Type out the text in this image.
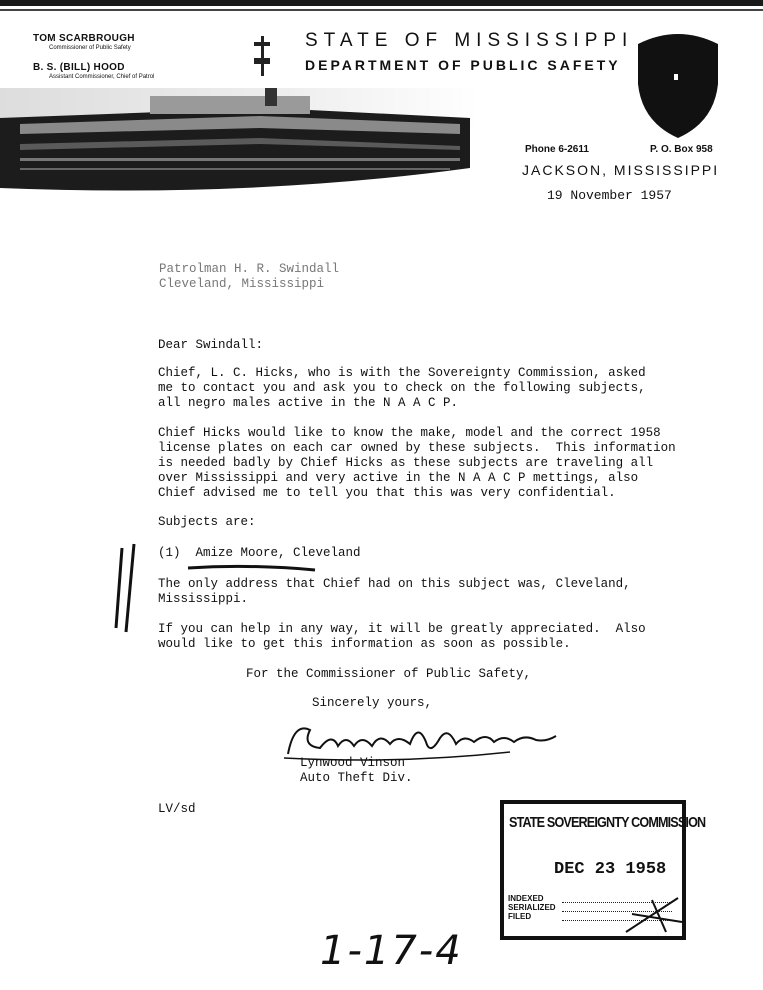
TOM SCARBROUGH
Commissioner of Public Safety
B. S. (BILL) HOOD
Assistant Commissioner, Chief of Patrol
STATE OF MISSISSIPPI
DEPARTMENT OF PUBLIC SAFETY
Phone 6-2611	P. O. Box 958
JACKSON, MISSISSIPPI
19 November 1957
Patrolman H. R. Swindall
Cleveland, Mississippi
Dear Swindall:
Chief, L. C. Hicks, who is with the Sovereignty Commission, asked
me to contact you and ask you to check on the following subjects,
all negro males active in the N A A C P.
Chief Hicks would like to know the make, model and the correct 1958
license plates on each car owned by these subjects.  This information
is needed badly by Chief Hicks as these subjects are traveling all
over Mississippi and very active in the N A A C P mettings, also
Chief advised me to tell you that this was very confidential.
Subjects are:
(1)  Amize Moore, Cleveland
The only address that Chief had on this subject was, Cleveland,
Mississippi.
If you can help in any way, it will be greatly appreciated.  Also
would like to get this information as soon as possible.
For the Commissioner of Public Safety,
Sincerely yours,
Lynwood Vinson
Auto Theft Div.
LV/sd
STATE SOVEREIGNTY COMMISSION
DEC 23 1958
INDEXED
SERIALIZED
FILED
1-17-4
